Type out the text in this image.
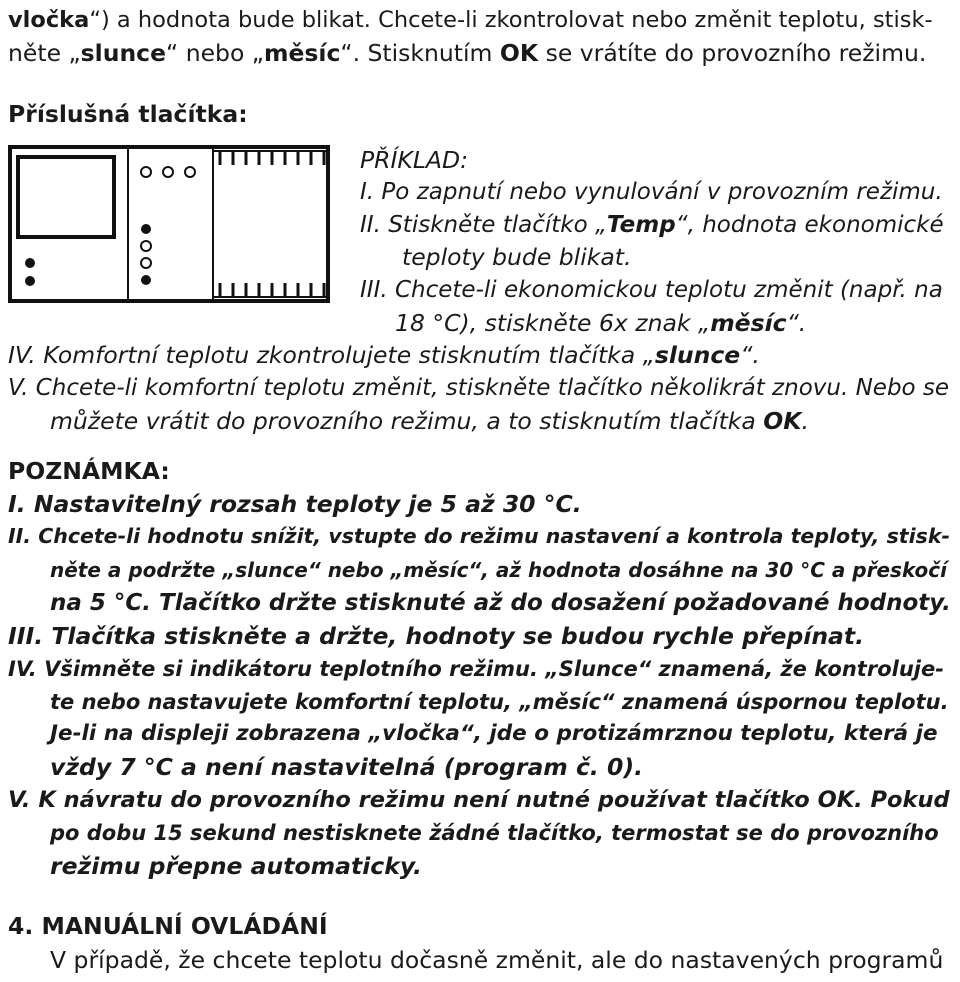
vločka“) a hodnota bude blikat. Chcete-li zkontrolovat nebo změnit teplotu, stisk-
něte „slunce“ nebo „měsíc“. Stisknutím OK se vrátíte do provozního režimu.
Příslušná tlačítka:
PŘÍKLAD:
I. Po zapnutí nebo vynulování v provozním režimu.
II. Stiskněte tlačítko „Temp“, hodnota ekonomické
teploty bude blikat.
III. Chcete-li ekonomickou teplotu změnit (např. na
18 °C), stiskněte 6x znak „měsíc“.
IV. Komfortní teplotu zkontrolujete stisknutím tlačítka „slunce“.
V. Chcete-li komfortní teplotu změnit, stiskněte tlačítko několikrát znovu. Nebo se
můžete vrátit do provozního režimu, a to stisknutím tlačítka OK.
POZNÁMKA:
I. Nastavitelný rozsah teploty je 5 až 30 °C.
II. Chcete-li hodnotu snížit, vstupte do režimu nastavení a kontrola teploty, stisk-
něte a podržte „slunce“ nebo „měsíc“, až hodnota dosáhne na 30 °C a přeskočí
na 5 °C. Tlačítko držte stisknuté až do dosažení požadované hodnoty.
III. Tlačítka stiskněte a držte, hodnoty se budou rychle přepínat.
IV. Všimněte si indikátoru teplotního režimu. „Slunce“ znamená, že kontroluje-
te nebo nastavujete komfortní teplotu, „měsíc“ znamená úspornou teplotu.
Je-li na displeji zobrazena „vločka“, jde o protizámrznou teplotu, která je
vždy 7 °C a není nastavitelná (program č. 0).
V. K návratu do provozního režimu není nutné používat tlačítko OK. Pokud
po dobu 15 sekund nestisknete žádné tlačítko, termostat se do provozního
režimu přepne automaticky.
4. MANUÁLNÍ OVLÁDÁNÍ
V případě, že chcete teplotu dočasně změnit, ale do nastavených programů
